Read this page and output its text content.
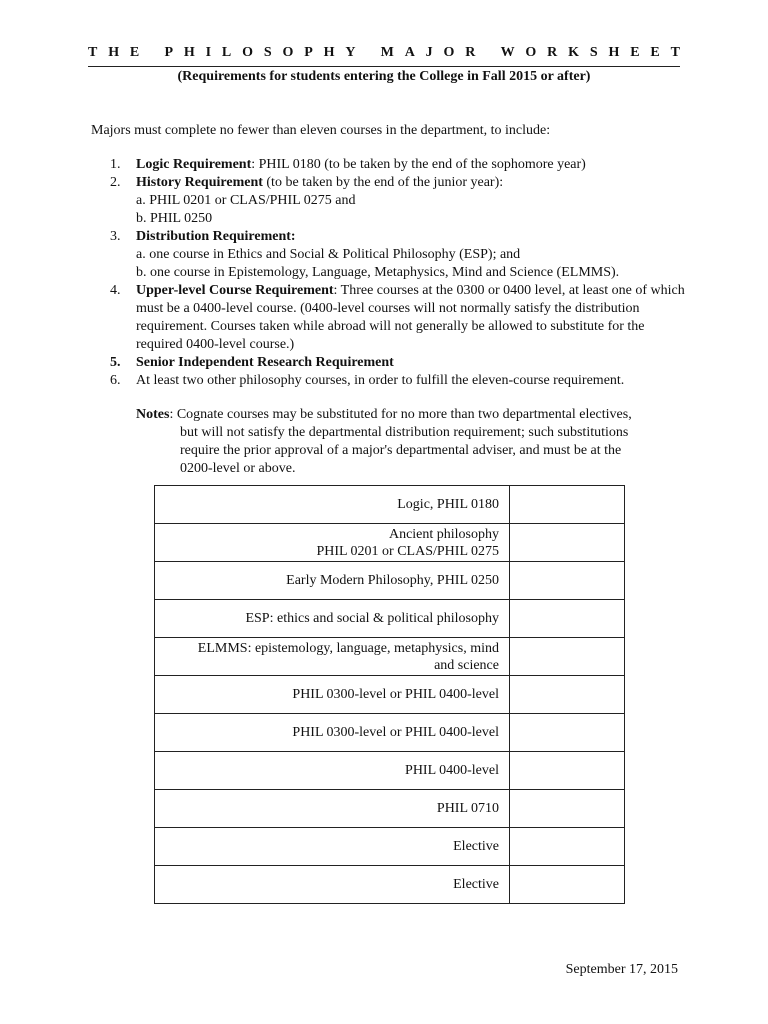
T H E
P H I L O S O P H Y
M A J O R
W O R K S H E E T
(Requirements for students entering the College in Fall 2015 or after)
Majors must complete no fewer than eleven courses in the department, to include:
1.	Logic Requirement: PHIL 0180 (to be taken by the end of the sophomore year)
2.	History Requirement (to be taken by the end of the junior year):
a. PHIL 0201 or CLAS/PHIL 0275 and
b. PHIL 0250
3.	Distribution Requirement:
a. one course in Ethics and Social & Political Philosophy (ESP); and
b. one course in Epistemology, Language, Metaphysics, Mind and Science (ELMMS).
4.	Upper-level Course Requirement: Three courses at the 0300 or 0400 level, at least one of which must be a 0400-level course. (0400-level courses will not normally satisfy the distribution requirement. Courses taken while abroad will not generally be allowed to substitute for the required 0400-level course.)
5.	Senior Independent Research Requirement
6.	At least two other philosophy courses, in order to fulfill the eleven-course requirement.
Notes: Cognate courses may be substituted for no more than two departmental electives,
but will not satisfy the departmental distribution requirement; such substitutions
require the prior approval of a major's departmental adviser, and must be at the
0200-level or above.
Logic, PHIL 0180	

Ancient philosophy
PHIL 0201 or CLAS/PHIL 0275	

Early Modern Philosophy, PHIL 0250	

ESP: ethics and social & political philosophy	

ELMMS: epistemology, language, metaphysics, mind
and science	

PHIL 0300-level or PHIL 0400-level	

PHIL 0300-level or PHIL 0400-level	

PHIL 0400-level	

PHIL 0710	

Elective	

Elective	

September 17, 2015
